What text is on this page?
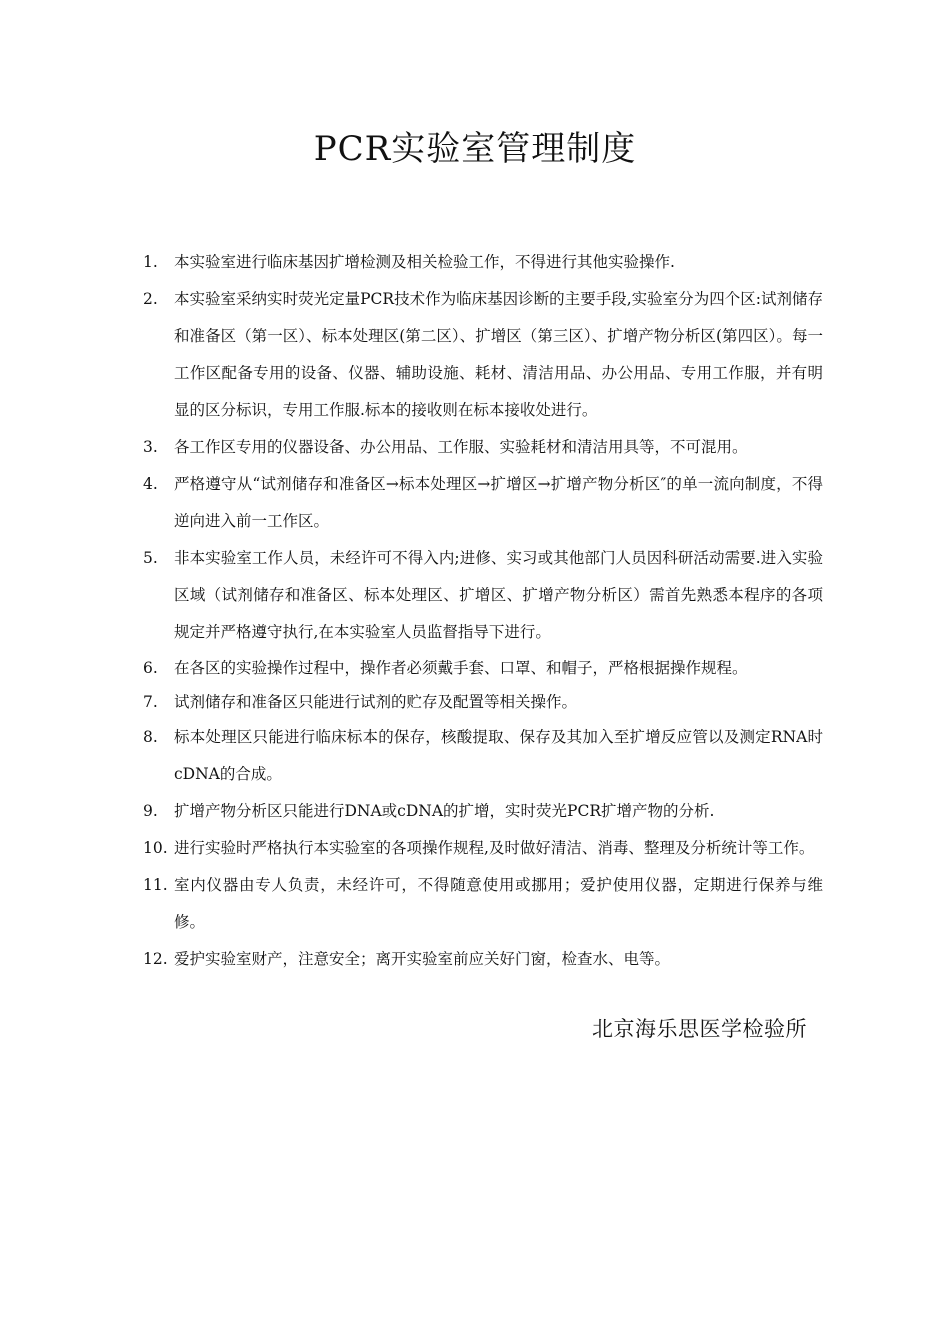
PCR实验室管理制度
1. 本实验室进行临床基因扩增检测及相关检验工作，不得进行其他实验操作.
2. 本实验室采纳实时荧光定量PCR技术作为临床基因诊断的主要手段,实验室分为四个区:试剂储存和准备区（第一区）、标本处理区(第二区）、扩增区（第三区）、扩增产物分析区(第四区）。每一工作区配备专用的设备、仪器、辅助设施、耗材、清洁用品、办公用品、专用工作服，并有明显的区分标识，专用工作服.标本的接收则在标本接收处进行。
3. 各工作区专用的仪器设备、办公用品、工作服、实验耗材和清洁用具等，不可混用。
4. 严格遵守从“试剂储存和准备区→标本处理区→扩增区→扩增产物分析区″的单一流向制度，不得逆向进入前一工作区。
5. 非本实验室工作人员，未经许可不得入内;进修、实习或其他部门人员因科研活动需要.进入实验区域（试剂储存和准备区、标本处理区、扩增区、扩增产物分析区）需首先熟悉本程序的各项规定并严格遵守执行,在本实验室人员监督指导下进行。
6. 在各区的实验操作过程中，操作者必须戴手套、口罩、和帽子，严格根据操作规程。
7. 试剂储存和准备区只能进行试剂的贮存及配置等相关操作。
8. 标本处理区只能进行临床标本的保存，核酸提取、保存及其加入至扩增反应管以及测定RNA时cDNA的合成。
9. 扩增产物分析区只能进行DNA或cDNA的扩增，实时荧光PCR扩增产物的分析.
10. 进行实验时严格执行本实验室的各项操作规程,及时做好清洁、消毒、整理及分析统计等工作。
11. 室内仪器由专人负责，未经许可，不得随意使用或挪用；爱护使用仪器，定期进行保养与维修。
12. 爱护实验室财产，注意安全；离开实验室前应关好门窗，检查水、电等。
北京海乐思医学检验所
